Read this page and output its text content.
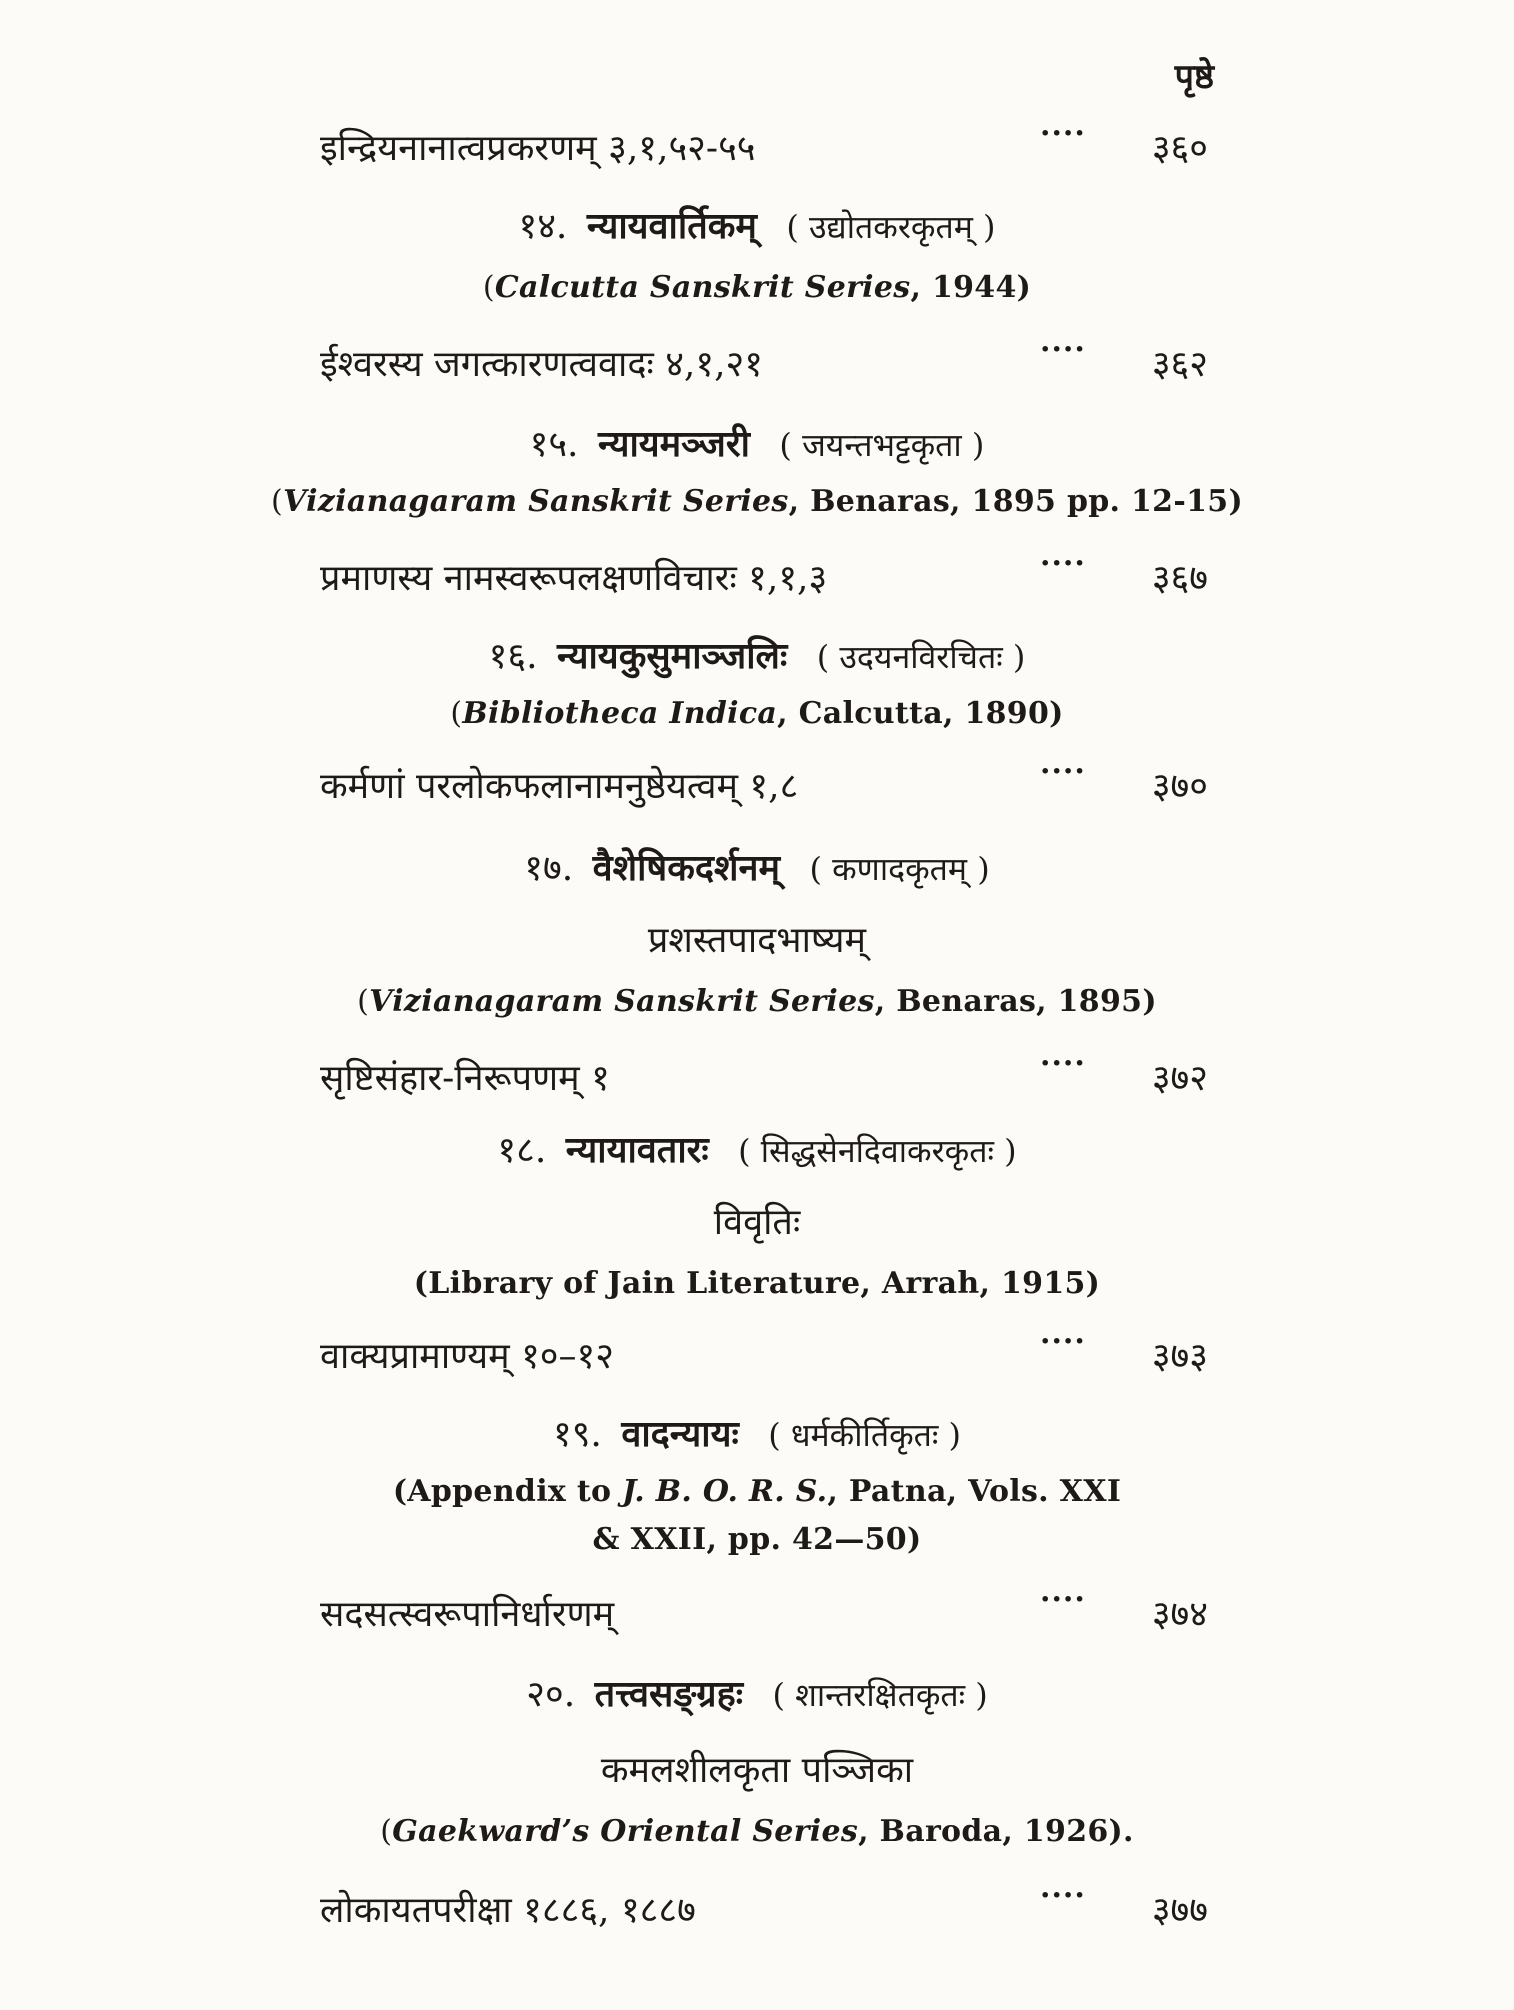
पृष्ठे
इन्द्रियनानात्वप्रकरणम् ३,१,५२-५५	···· ३६०
१४. न्यायवार्तिकम् ( उद्योतकरकृतम् )
(Calcutta Sanskrit Series, 1944)
ईश्वरस्य जगत्कारणत्ववादः ४,१,२१	···· ३६२
१५. न्यायमञ्जरी ( जयन्तभट्टकृता )
(Vizianagaram Sanskrit Series, Benaras, 1895 pp. 12-15)
प्रमाणस्य नामस्वरूपलक्षणविचारः १,१,३	···· ३६७
१६. न्यायकुसुमाञ्जलिः ( उदयनविरचितः )
(Bibliotheca Indica, Calcutta, 1890)
कर्मणां परलोकफलानामनुष्ठेयत्वम् १,८	···· ३७०
१७. वैशेषिकदर्शनम् ( कणादकृतम् )
प्रशस्तपादभाष्यम्
(Vizianagaram Sanskrit Series, Benaras, 1895)
सृष्टिसंहार-निरूपणम् १	···· ३७२
१८. न्यायावतारः ( सिद्धसेनदिवाकरकृतः )
विवृतिः
(Library of Jain Literature, Arrah, 1915)
वाक्यप्रामाण्यम् १०–१२	···· ३७३
१९. वादन्यायः ( धर्मकीर्तिकृतः )
(Appendix to J. B. O. R. S., Patna, Vols. XXI
& XXII, pp. 42—50)
सदसत्स्वरूपानिर्धारणम्	···· ३७४
२०. तत्त्वसङ्ग्रहः ( शान्तरक्षितकृतः )
कमलशीलकृता पञ्जिका
(Gaekward’s Oriental Series, Baroda, 1926).
लोकायतपरीक्षा १८८६, १८८७	···· ३७७
